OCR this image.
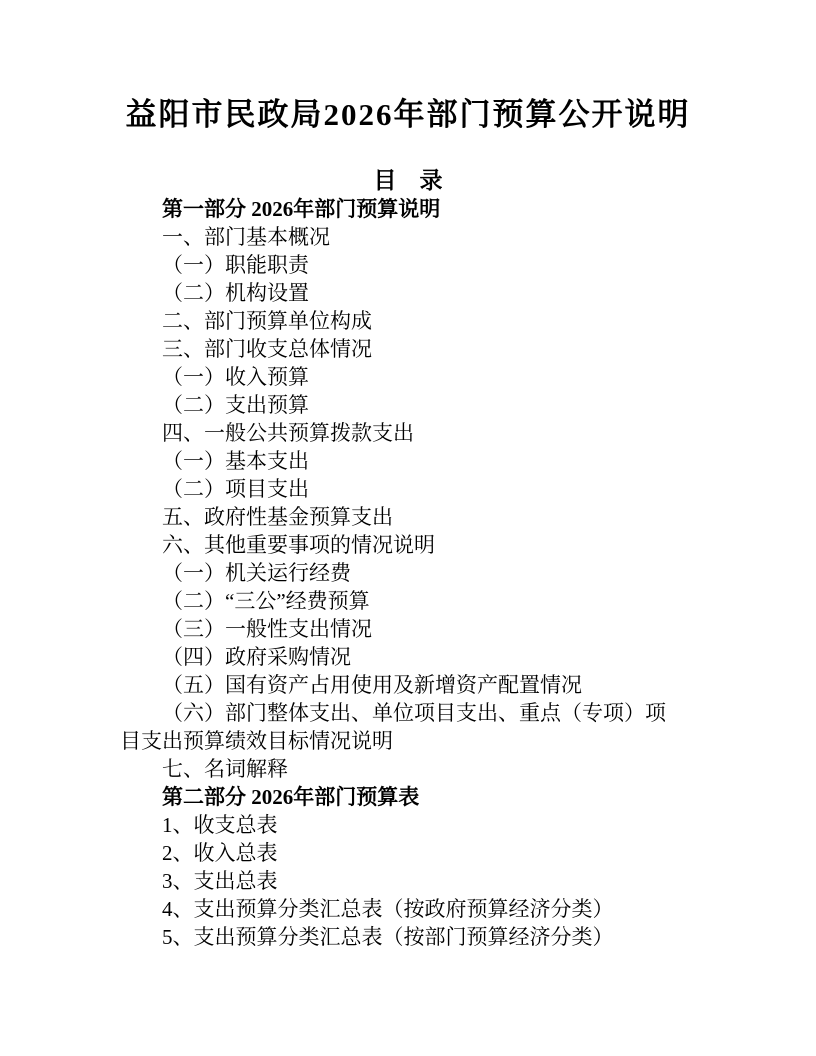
益阳市民政局2026年部门预算公开说明
目　录
第一部分 2026年部门预算说明
一、部门基本概况
（一）职能职责
（二）机构设置
二、部门预算单位构成
三、部门收支总体情况
（一）收入预算
（二）支出预算
四、一般公共预算拨款支出
（一）基本支出
（二）项目支出
五、政府性基金预算支出
六、其他重要事项的情况说明
（一）机关运行经费
（二）“三公”经费预算
（三）一般性支出情况
（四）政府采购情况
（五）国有资产占用使用及新增资产配置情况
（六）部门整体支出、单位项目支出、重点（专项）项
目支出预算绩效目标情况说明
七、名词解释
第二部分 2026年部门预算表
1、收支总表
2、收入总表
3、支出总表
4、支出预算分类汇总表（按政府预算经济分类）
5、支出预算分类汇总表（按部门预算经济分类）
